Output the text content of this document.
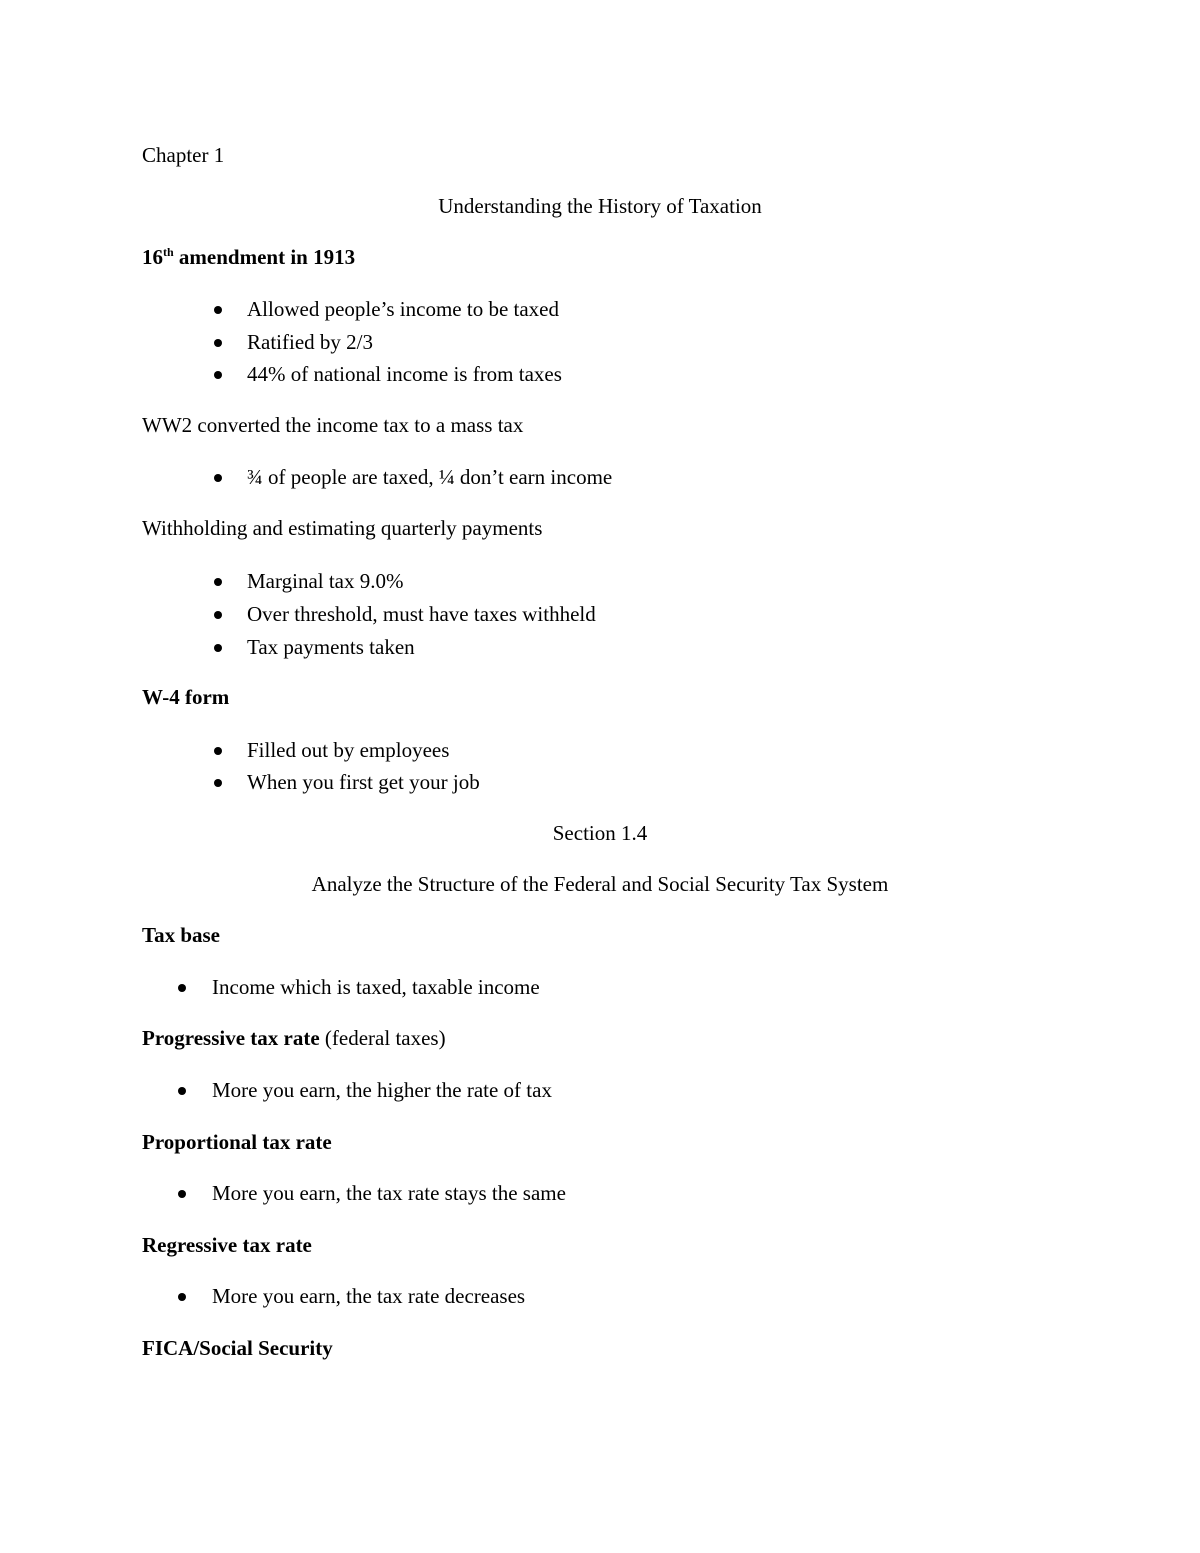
Chapter 1
Understanding the History of Taxation
16th amendment in 1913
Allowed people’s income to be taxed
Ratified by 2/3
44% of national income is from taxes
WW2 converted the income tax to a mass tax
¾ of people are taxed, ¼ don’t earn income
Withholding and estimating quarterly payments
Marginal tax 9.0%
Over threshold, must have taxes withheld
Tax payments taken
W-4 form
Filled out by employees
When you first get your job
Section 1.4
Analyze the Structure of the Federal and Social Security Tax System
Tax base
Income which is taxed, taxable income
Progressive tax rate (federal taxes)
More you earn, the higher the rate of tax
Proportional tax rate
More you earn, the tax rate stays the same
Regressive tax rate
More you earn, the tax rate decreases
FICA/Social Security
